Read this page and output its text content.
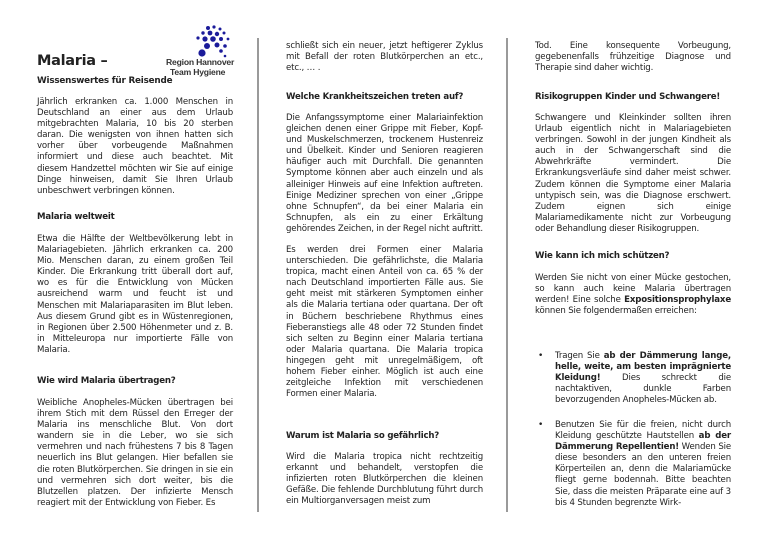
Malaria –
Wissenswertes für Reisende
Region Hannover
Team Hygiene

Jährlich erkranken ca. 1.000 Menschen in Deutschland an einer aus dem Urlaub mitgebrachten Malaria, 10 bis 20 sterben daran. Die wenigsten von ihnen hatten sich vorher über vorbeugende Maßnahmen informiert und diese auch beachtet. Mit diesem Handzettel möchten wir Sie auf einige Dinge hinweisen, damit Sie Ihren Urlaub unbeschwert verbringen können.

Malaria weltweit

Etwa die Hälfte der Weltbevölkerung lebt in Malariagebieten. Jährlich erkranken ca. 200 Mio. Menschen daran, zu einem großen Teil Kinder. Die Erkrankung tritt überall dort auf, wo es für die Entwicklung von Mücken ausreichend warm und feucht ist und Menschen mit Malariaparasiten im Blut leben. Aus diesem Grund gibt es in Wüstenregionen, in Regionen über 2.500 Höhenmeter und z. B. in Mitteleuropa nur importierte Fälle von Malaria.

Wie wird Malaria übertragen?

Weibliche Anopheles-Mücken übertragen bei ihrem Stich mit dem Rüssel den Erreger der Malaria ins menschliche Blut. Von dort wandern sie in die Leber, wo sie sich vermehren und nach frühestens 7 bis 8 Tagen neuerlich ins Blut gelangen. Hier befallen sie die roten Blutkörperchen. Sie dringen in sie ein und vermehren sich dort weiter, bis die Blutzellen platzen. Der infizierte Mensch reagiert mit der Entwicklung von Fieber. Es

schließt sich ein neuer, jetzt heftigerer Zyklus mit Befall der roten Blutkörperchen an etc., etc., … .

Welche Krankheitszeichen treten auf?

Die Anfangssymptome einer Malariainfektion gleichen denen einer Grippe mit Fieber, Kopf- und Muskelschmerzen, trockenem Hustenreiz und Übelkeit. Kinder und Senioren reagieren häufiger auch mit Durchfall. Die genannten Symptome können aber auch einzeln und als alleiniger Hinweis auf eine Infektion auftreten. Einige Mediziner sprechen von einer „Grippe ohne Schnupfen“, da bei einer Malaria ein Schnupfen, als ein zu einer Erkältung gehörendes Zeichen, in der Regel nicht auftritt.

Es werden drei Formen einer Malaria unterschieden. Die gefährlichste, die Malaria tropica, macht einen Anteil von ca. 65 % der nach Deutschland importierten Fälle aus. Sie geht meist mit stärkeren Symptomen einher als die Malaria tertiana oder quartana. Der oft in Büchern beschriebene Rhythmus eines Fieberanstiegs alle 48 oder 72 Stunden findet sich selten zu Beginn einer Malaria tertiana oder Malaria quartana. Die Malaria tropica hingegen geht mit unregelmäßigem, oft hohem Fieber einher. Möglich ist auch eine zeitgleiche Infektion mit verschiedenen Formen einer Malaria.

Warum ist Malaria so gefährlich?

Wird die Malaria tropica nicht rechtzeitig erkannt und behandelt, verstopfen die infizierten roten Blutkörperchen die kleinen Gefäße. Die fehlende Durchblutung führt durch ein Multiorganversagen meist zum

Tod. Eine konsequente Vorbeugung, gegebenenfalls frühzeitige Diagnose und Therapie sind daher wichtig.

Risikogruppen Kinder und Schwangere!

Schwangere und Kleinkinder sollten ihren Urlaub eigentlich nicht in Malariagebieten verbringen. Sowohl in der jungen Kindheit als auch in der Schwangerschaft sind die Abwehrkräfte vermindert. Die Erkrankungsverläufe sind daher meist schwer. Zudem können die Symptome einer Malaria untypisch sein, was die Diagnose erschwert. Zudem eignen sich einige Malariamedikamente nicht zur Vorbeugung oder Behandlung dieser Risikogruppen.

Wie kann ich mich schützen?

Werden Sie nicht von einer Mücke gestochen, so kann auch keine Malaria übertragen werden! Eine solche Expositionsprophylaxe können Sie folgendermaßen erreichen:

• Tragen Sie ab der Dämmerung lange, helle, weite, am besten imprägnierte Kleidung! Dies schreckt die nachtaktiven, dunkle Farben bevorzugenden Anopheles-Mücken ab.

• Benutzen Sie für die freien, nicht durch Kleidung geschützte Hautstellen ab der Dämmerung Repellentien! Wenden Sie diese besonders an den unteren freien Körperteilen an, denn die Malariamücke fliegt gerne bodennah. Bitte beachten Sie, dass die meisten Präparate eine auf 3 bis 4 Stunden begrenzte Wirk-
